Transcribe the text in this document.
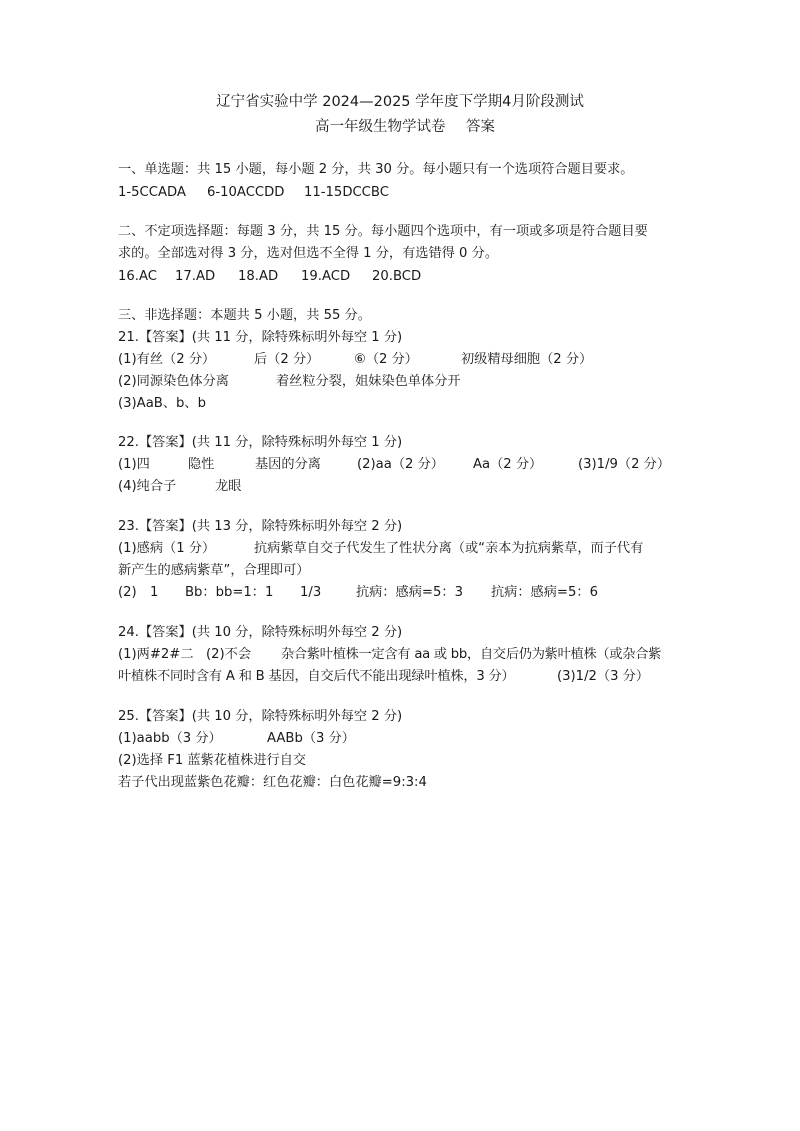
辽宁省实验中学 2024—2025 学年度下学期4月阶段测试
高一年级生物学试卷 答案
一、单选题：共 15 小题，每小题 2 分，共 30 分。每小题只有一个选项符合题目要求。
1-5CCADA 6-10ACCDD 11-15DCCBC
二、不定项选择题：每题 3 分，共 15 分。每小题四个选项中，有一项或多项是符合题目要
求的。全部选对得 3 分，选对但选不全得 1 分，有选错得 0 分。
16.AC 17.AD 18.AD 19.ACD 20.BCD
三、非选择题：本题共 5 小题，共 55 分。
21.【答案】(共 11 分，除特殊标明外每空 1 分)
(1)有丝（2 分）	后（2 分）	⑥（2 分）	初级精母细胞（2 分）
(2)同源染色体分离	着丝粒分裂，姐妹染色单体分开
(3)AaB、b、b
22.【答案】(共 11 分，除特殊标明外每空 1 分)
(1)四	隐性	基因的分离	(2)aa（2 分） Aa（2 分）	(3)1/9（2 分）
(4)纯合子	龙眼
23.【答案】(共 13 分，除特殊标明外每空 2 分)
(1)感病（1 分）	抗病紫草自交子代发生了性状分离（或“亲本为抗病紫草，而子代有
新产生的感病紫草”，合理即可）
(2) 1 Bb：bb=1：1 1/3	抗病：感病=5：3 抗病：感病=5：6
24.【答案】(共 10 分，除特殊标明外每空 2 分)
(1)两#2#二 (2)不会 杂合紫叶植株一定含有 aa 或 bb，自交后仍为紫叶植株（或杂合紫
叶植株不同时含有 A 和 B 基因，自交后代不能出现绿叶植株，3 分）	(3)1/2（3 分）
25.【答案】(共 10 分，除特殊标明外每空 2 分)
(1)aabb（3 分）	AABb（3 分）
(2)选择 F1 蓝紫花植株进行自交
若子代出现蓝紫色花瓣：红色花瓣：白色花瓣=9:3:4
